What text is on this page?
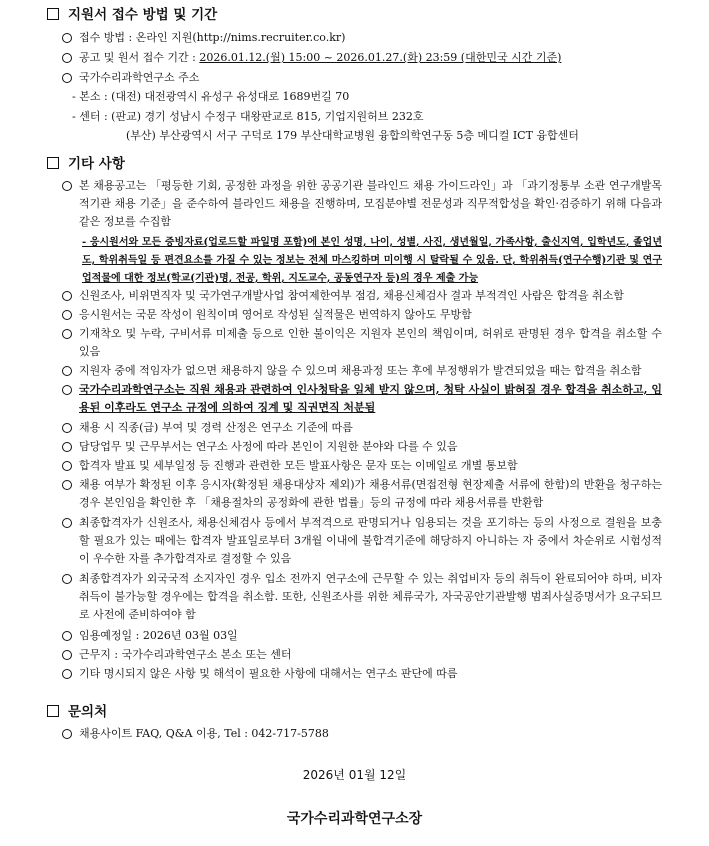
지원서 접수 방법 및 기간
접수 방법 : 온라인 지원(http://nims.recruiter.co.kr)
공고 및 원서 접수 기간 : 2026.01.12.(월) 15:00 ~ 2026.01.27.(화) 23:59 (대한민국 시간 기준)
국가수리과학연구소 주소
- 본소 : (대전) 대전광역시 유성구 유성대로 1689번길 70
- 센터 : (판교) 경기 성남시 수정구 대왕판교로 815, 기업지원허브 232호
(부산) 부산광역시 서구 구덕로 179 부산대학교병원 융합의학연구동 5층 메디컬 ICT 융합센터
기타 사항
본 채용공고는 「평등한 기회, 공정한 과정을 위한 공공기관 블라인드 채용 가이드라인」과 「과기정통부 소관 연구개발목적기관 채용 기준」을 준수하여 블라인드 채용을 진행하며, 모집분야별 전문성과 직무적합성을 확인·검증하기 위해 다음과 같은 정보를 수집함
- 응시원서와 모든 증빙자료(업로드할 파일명 포함)에 본인 성명, 나이, 성별, 사진, 생년월일, 가족사항, 출신지역, 입학년도, 졸업년도, 학위취득일 등 편견요소를 가질 수 있는 정보는 전체 마스킹하며 미이행 시 탈락될 수 있음. 단, 학위취득(연구수행)기관 및 연구업적물에 대한 정보(학교(기관)명, 전공, 학위, 지도교수, 공동연구자 등)의 경우 제출 가능
신원조사, 비위면직자 및 국가연구개발사업 참여제한여부 점검, 채용신체검사 결과 부적격인 사람은 합격을 취소함
응시원서는 국문 작성이 원칙이며 영어로 작성된 실적물은 번역하지 않아도 무방함
기재착오 및 누락, 구비서류 미제출 등으로 인한 불이익은 지원자 본인의 책임이며, 허위로 판명된 경우 합격을 취소할 수 있음
지원자 중에 적임자가 없으면 채용하지 않을 수 있으며 채용과정 또는 후에 부정행위가 발견되었을 때는 합격을 취소함
국가수리과학연구소는 직원 채용과 관련하여 인사청탁을 일체 받지 않으며, 청탁 사실이 밝혀질 경우 합격을 취소하고, 임용된 이후라도 연구소 규정에 의하여 징계 및 직권면직 처분됨
채용 시 직종(급) 부여 및 경력 산정은 연구소 기준에 따름
담당업무 및 근무부서는 연구소 사정에 따라 본인이 지원한 분야와 다를 수 있음
합격자 발표 및 세부일정 등 진행과 관련한 모든 발표사항은 문자 또는 이메일로 개별 통보함
채용 여부가 확정된 이후 응시자(확정된 채용대상자 제외)가 채용서류(면접전형 현장제출 서류에 한함)의 반환을 청구하는 경우 본인임을 확인한 후 「채용절차의 공정화에 관한 법률」등의 규정에 따라 채용서류를 반환함
최종합격자가 신원조사, 채용신체검사 등에서 부적격으로 판명되거나 임용되는 것을 포기하는 등의 사정으로 결원을 보충할 필요가 있는 때에는 합격자 발표일로부터 3개월 이내에 불합격기준에 해당하지 아니하는 자 중에서 차순위로 시험성적이 우수한 자를 추가합격자로 결정할 수 있음
최종합격자가 외국국적 소지자인 경우 입소 전까지 연구소에 근무할 수 있는 취업비자 등의 취득이 완료되어야 하며, 비자 취득이 불가능할 경우에는 합격을 취소함. 또한, 신원조사를 위한 체류국가, 자국공안기관발행 범죄사실증명서가 요구되므로 사전에 준비하여야 함
임용예정일 : 2026년 03월 03일
근무지 : 국가수리과학연구소 본소 또는 센터
기타 명시되지 않은 사항 및 해석이 필요한 사항에 대해서는 연구소 판단에 따름
문의처
채용사이트 FAQ, Q&A 이용, Tel : 042-717-5788
2026년 01월 12일
국가수리과학연구소장
